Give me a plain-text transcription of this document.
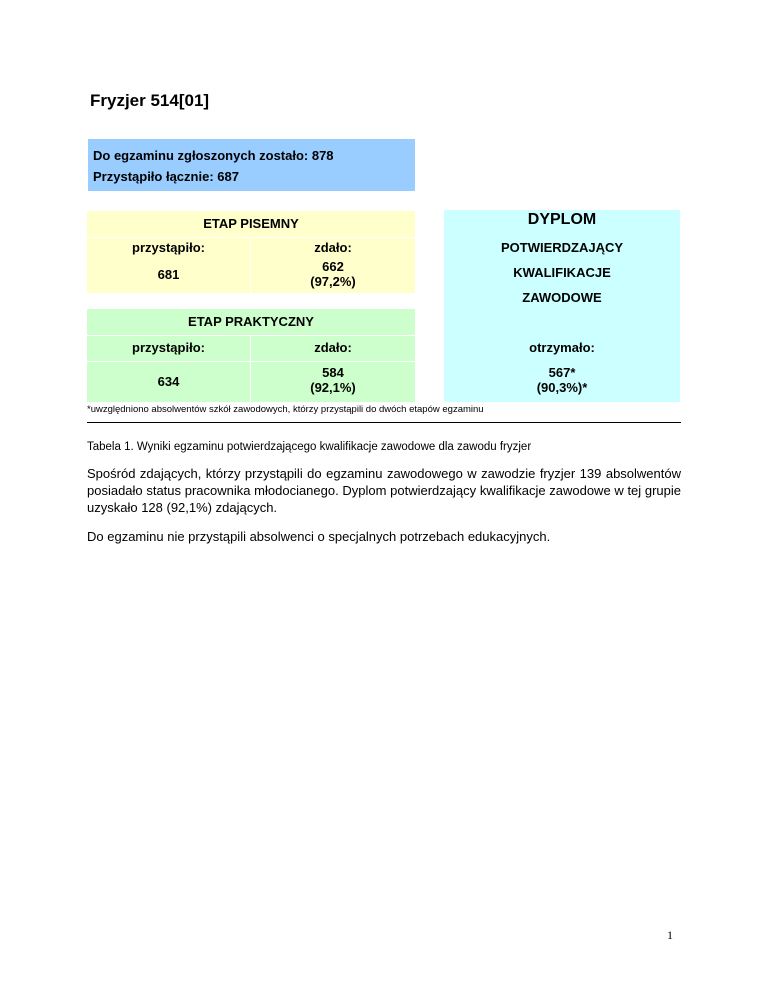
Fryzjer 514[01]
Do egzaminu zgłoszonych zostało: 878
Przystąpiło łącznie: 687
ETAP PISEMNY
przystąpiło:
681
zdało:
662
(97,2%)
ETAP PRAKTYCZNY
przystąpiło:	zdało:
634
584
(92,1%)
DYPLOM
POTWIERDZAJĄCY
KWALIFIKACJE
ZAWODOWE
otrzymało:
567*
(90,3%)*
*uwzględniono absolwentów szkół zawodowych, którzy przystąpili do dwóch etapów egzaminu
Tabela 1. Wyniki egzaminu potwierdzającego kwalifikacje zawodowe dla zawodu fryzjer
Spośród zdających, którzy przystąpili do egzaminu zawodowego w zawodzie fryzjer 139 absolwentów posiadało status pracownika młodocianego. Dyplom potwierdzający kwalifikacje zawodowe w tej grupie uzyskało 128 (92,1%) zdających.
Do egzaminu nie przystąpili absolwenci o specjalnych potrzebach edukacyjnych.
1
